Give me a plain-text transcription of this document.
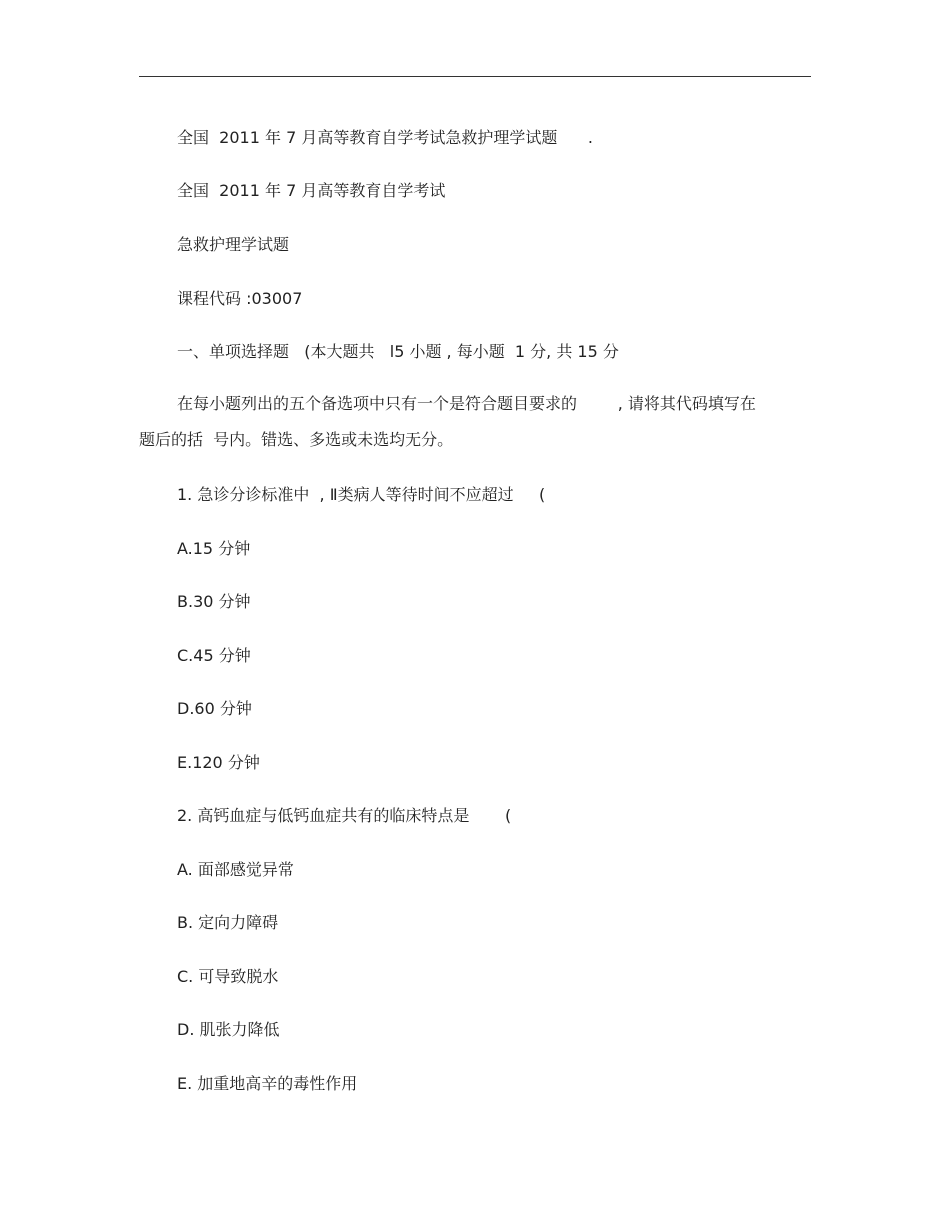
全国  2011 年 7 月高等教育自学考试急救护理学试题      .
全国  2011 年 7 月高等教育自学考试
急救护理学试题
课程代码 :03007
一、单项选择题   (本大题共   l5 小题 , 每小题  1 分, 共 15 分
在每小题列出的五个备选项中只有一个是符合题目要求的        , 请将其代码填写在
题后的括  号内。错选、多选或未选均无分。
1. 急诊分诊标准中  , Ⅱ类病人等待时间不应超过     (
A.15 分钟
B.30 分钟
C.45 分钟
D.60 分钟
E.120 分钟
2. 高钙血症与低钙血症共有的临床特点是       (
A. 面部感觉异常
B. 定向力障碍
C. 可导致脱水
D. 肌张力降低
E. 加重地高辛的毒性作用
